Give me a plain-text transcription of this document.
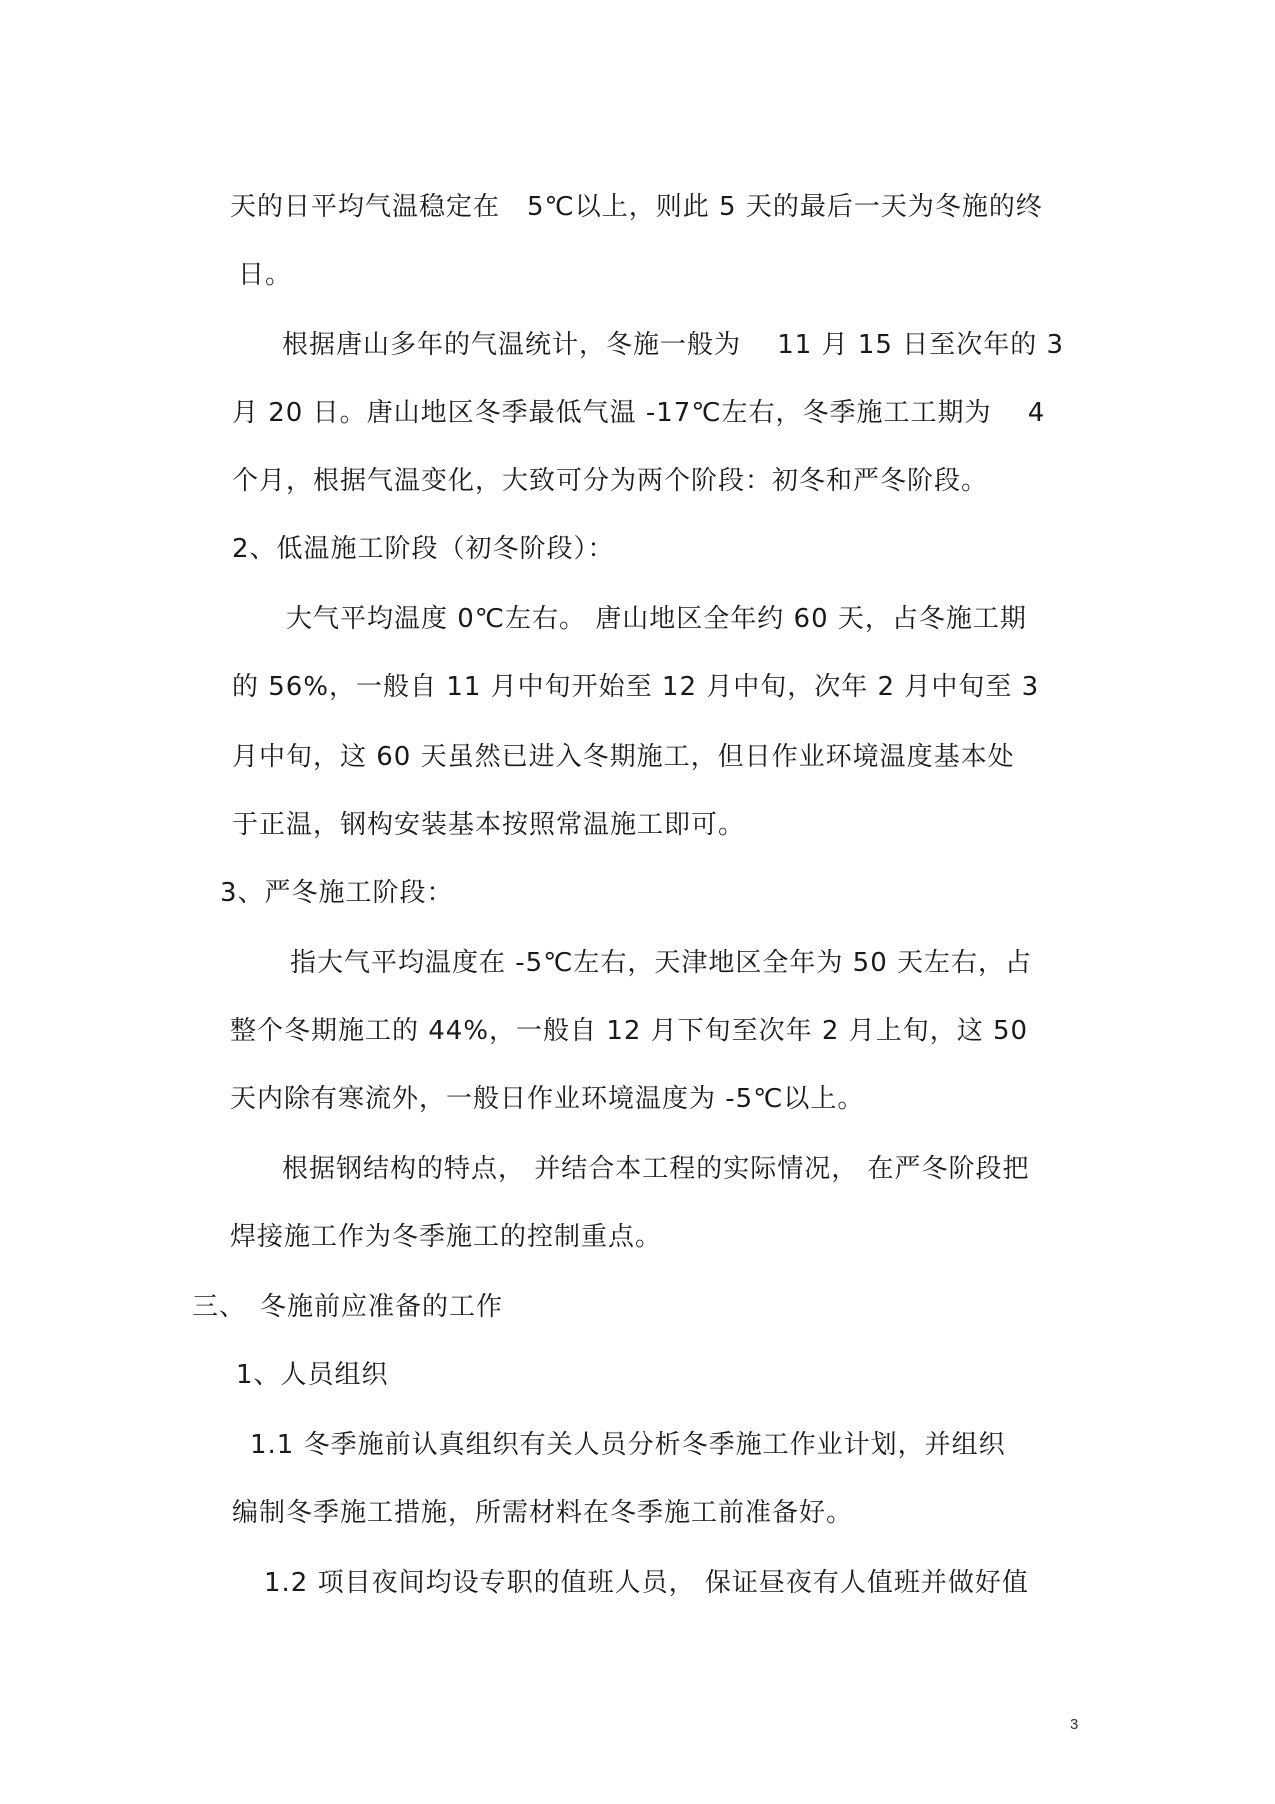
天的日平均气温稳定在　5℃以上，则此 5 天的最后一天为冬施的终
日。
根据唐山多年的气温统计，冬施一般为　 11 月 15 日至次年的 3
月 20 日。唐山地区冬季最低气温 -17℃左右，冬季施工工期为　 4
个月，根据气温变化，大致可分为两个阶段：初冬和严冬阶段。
2、低温施工阶段（初冬阶段）：
大气平均温度 0℃左右。 唐山地区全年约 60 天，占冬施工期
的 56%，一般自 11 月中旬开始至 12 月中旬，次年 2 月中旬至 3
月中旬，这 60 天虽然已进入冬期施工，但日作业环境温度基本处
于正温，钢构安装基本按照常温施工即可。
3、严冬施工阶段：
指大气平均温度在 -5℃左右，天津地区全年为 50 天左右，占
整个冬期施工的 44%，一般自 12 月下旬至次年 2 月上旬，这 50
天内除有寒流外，一般日作业环境温度为 -5℃以上。
根据钢结构的特点， 并结合本工程的实际情况， 在严冬阶段把
焊接施工作为冬季施工的控制重点。
三、　冬施前应准备的工作
1、人员组织
1.1 冬季施前认真组织有关人员分析冬季施工作业计划，并组织
编制冬季施工措施，所需材料在冬季施工前准备好。
1.2 项目夜间均设专职的值班人员， 保证昼夜有人值班并做好值
3
